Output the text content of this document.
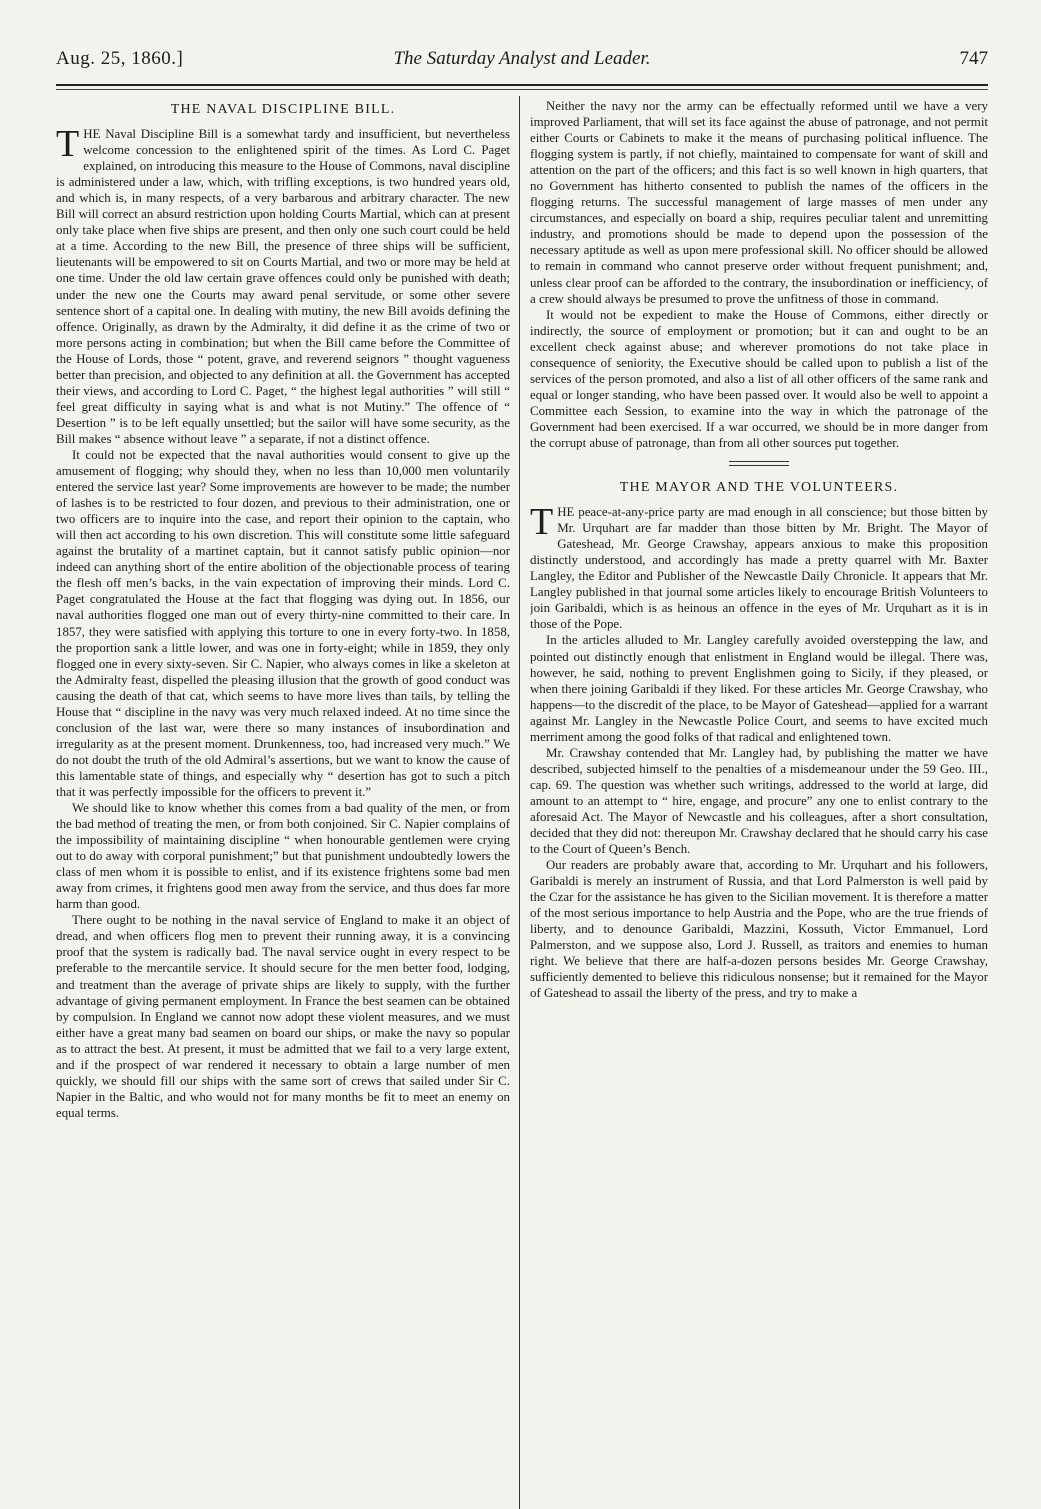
Aug. 25, 1860.]	The Saturday Analyst and Leader.	747
THE NAVAL DISCIPLINE BILL.

THE Naval Discipline Bill is a somewhat tardy and insufficient, but nevertheless welcome concession to the enlightened spirit of the times. As Lord C. Paget explained, on introducing this measure to the House of Commons, naval discipline is administered under a law, which, with trifling exceptions, is two hundred years old, and which is, in many respects, of a very barbarous and arbitrary character. The new Bill will correct an absurd restriction upon holding Courts Martial, which can at present only take place when five ships are present, and then only one such court could be held at a time. According to the new Bill, the presence of three ships will be sufficient, lieutenants will be empowered to sit on Courts Martial, and two or more may be held at one time. Under the old law certain grave offences could only be punished with death; under the new one the Courts may award penal servitude, or some other severe sentence short of a capital one. In dealing with mutiny, the new Bill avoids defining the offence. Originally, as drawn by the Admiralty, it did define it as the crime of two or more persons acting in combination; but when the Bill came before the Committee of the House of Lords, those “ potent, grave, and reverend seignors ” thought vagueness better than precision, and objected to any definition at all. the Government has accepted their views, and according to Lord C. Paget, “ the highest legal authorities ” will still “ feel great difficulty in saying what is and what is not Mutiny.” The offence of “ Desertion ” is to be left equally unsettled; but the sailor will have some security, as the Bill makes “ absence without leave ” a separate, if not a distinct offence.

It could not be expected that the naval authorities would consent to give up the amusement of flogging; why should they, when no less than 10,000 men voluntarily entered the service last year? Some improvements are however to be made; the number of lashes is to be restricted to four dozen, and previous to their administration, one or two officers are to inquire into the case, and report their opinion to the captain, who will then act according to his own discretion. This will constitute some little safeguard against the brutality of a martinet captain, but it cannot satisfy public opinion—nor indeed can anything short of the entire abolition of the objectionable process of tearing the flesh off men’s backs, in the vain expectation of improving their minds. Lord C. Paget congratulated the House at the fact that flogging was dying out. In 1856, our naval authorities flogged one man out of every thirty-nine committed to their care. In 1857, they were satisfied with applying this torture to one in every forty-two. In 1858, the proportion sank a little lower, and was one in forty-eight; while in 1859, they only flogged one in every sixty-seven. Sir C. Napier, who always comes in like a skeleton at the Admiralty feast, dispelled the pleasing illusion that the growth of good conduct was causing the death of that cat, which seems to have more lives than tails, by telling the House that “ discipline in the navy was very much relaxed indeed. At no time since the conclusion of the last war, were there so many instances of insubordination and irregularity as at the present moment. Drunkenness, too, had increased very much.” We do not doubt the truth of the old Admiral’s assertions, but we want to know the cause of this lamentable state of things, and especially why “ desertion has got to such a pitch that it was perfectly impossible for the officers to prevent it.”

We should like to know whether this comes from a bad quality of the men, or from the bad method of treating the men, or from both conjoined. Sir C. Napier complains of the impossibility of maintaining discipline “ when honourable gentlemen were crying out to do away with corporal punishment;” but that punishment undoubtedly lowers the class of men whom it is possible to enlist, and if its existence frightens some bad men away from crimes, it frightens good men away from the service, and thus does far more harm than good.

There ought to be nothing in the naval service of England to make it an object of dread, and when officers flog men to prevent their running away, it is a convincing proof that the system is radically bad. The naval service ought in every respect to be preferable to the mercantile service. It should secure for the men better food, lodging, and treatment than the average of private ships are likely to supply, with the further advantage of giving permanent employment. In France the best seamen can be obtained by compulsion. In England we cannot now adopt these violent measures, and we must either have a great many bad seamen on board our ships, or make the navy so popular as to attract the best. At present, it must be admitted that we fail to a very large extent, and if the prospect of war rendered it necessary to obtain a large number of men quickly, we should fill our ships with the same sort of crews that sailed under Sir C. Napier in the Baltic, and who would not for many months be fit to meet an enemy on equal terms.

Neither the navy nor the army can be effectually reformed until we have a very improved Parliament, that will set its face against the abuse of patronage, and not permit either Courts or Cabinets to make it the means of purchasing political influence. The flogging system is partly, if not chiefly, maintained to compensate for want of skill and attention on the part of the officers; and this fact is so well known in high quarters, that no Government has hitherto consented to publish the names of the officers in the flogging returns. The successful management of large masses of men under any circumstances, and especially on board a ship, requires peculiar talent and unremitting industry, and promotions should be made to depend upon the possession of the necessary aptitude as well as upon mere professional skill. No officer should be allowed to remain in command who cannot preserve order without frequent punishment; and, unless clear proof can be afforded to the contrary, the insubordination or inefficiency, of a crew should always be presumed to prove the unfitness of those in command.

It would not be expedient to make the House of Commons, either directly or indirectly, the source of employment or promotion; but it can and ought to be an excellent check against abuse; and wherever promotions do not take place in consequence of seniority, the Executive should be called upon to publish a list of the services of the person promoted, and also a list of all other officers of the same rank and equal or longer standing, who have been passed over. It would also be well to appoint a Committee each Session, to examine into the way in which the patronage of the Government had been exercised. If a war occurred, we should be in more danger from the corrupt abuse of patronage, than from all other sources put together.

THE MAYOR AND THE VOLUNTEERS.

THE peace-at-any-price party are mad enough in all conscience; but those bitten by Mr. Urquhart are far madder than those bitten by Mr. Bright. The Mayor of Gateshead, Mr. George Crawshay, appears anxious to make this proposition distinctly understood, and accordingly has made a pretty quarrel with Mr. Baxter Langley, the Editor and Publisher of the Newcastle Daily Chronicle. It appears that Mr. Langley published in that journal some articles likely to encourage British Volunteers to join Garibaldi, which is as heinous an offence in the eyes of Mr. Urquhart as it is in those of the Pope.

In the articles alluded to Mr. Langley carefully avoided overstepping the law, and pointed out distinctly enough that enlistment in England would be illegal. There was, however, he said, nothing to prevent Englishmen going to Sicily, if they pleased, or when there joining Garibaldi if they liked. For these articles Mr. George Crawshay, who happens—to the discredit of the place, to be Mayor of Gateshead—applied for a warrant against Mr. Langley in the Newcastle Police Court, and seems to have excited much merriment among the good folks of that radical and enlightened town.

Mr. Crawshay contended that Mr. Langley had, by publishing the matter we have described, subjected himself to the penalties of a misdemeanour under the 59 Geo. III., cap. 69. The question was whether such writings, addressed to the world at large, did amount to an attempt to “ hire, engage, and procure” any one to enlist contrary to the aforesaid Act. The Mayor of Newcastle and his colleagues, after a short consultation, decided that they did not: thereupon Mr. Crawshay declared that he should carry his case to the Court of Queen’s Bench.

Our readers are probably aware that, according to Mr. Urquhart and his followers, Garibaldi is merely an instrument of Russia, and that Lord Palmerston is well paid by the Czar for the assistance he has given to the Sicilian movement. It is therefore a matter of the most serious importance to help Austria and the Pope, who are the true friends of liberty, and to denounce Garibaldi, Mazzini, Kossuth, Victor Emmanuel, Lord Palmerston, and we suppose also, Lord J. Russell, as traitors and enemies to human right. We believe that there are half-a-dozen persons besides Mr. George Crawshay, sufficiently demented to believe this ridiculous nonsense; but it remained for the Mayor of Gateshead to assail the liberty of the press, and try to make a
